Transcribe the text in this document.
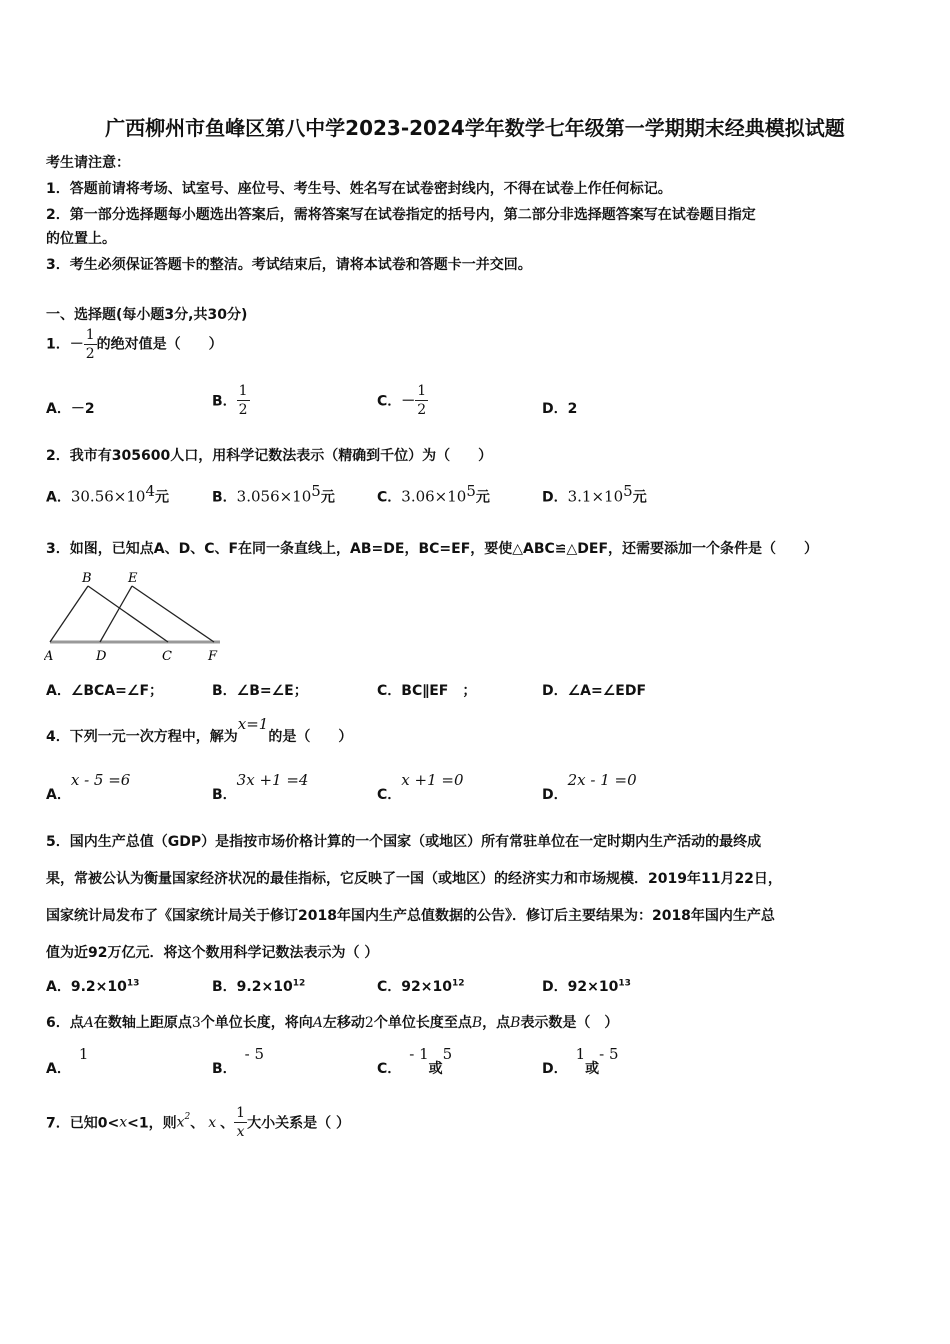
广西柳州市鱼峰区第八中学2023-2024学年数学七年级第一学期期末经典模拟试题
考生请注意：
1．答题前请将考场、试室号、座位号、考生号、姓名写在试卷密封线内，不得在试卷上作任何标记。
2．第一部分选择题每小题选出答案后，需将答案写在试卷指定的括号内，第二部分非选择题答案写在试卷题目指定
的位置上。
3．考生必须保证答题卡的整洁。考试结束后，请将本试卷和答题卡一并交回。
一、选择题(每小题3分,共30分)
1．－ $\frac{1}{2}$ 的绝对值是（　　）
A．－2	B． $\frac{1}{2}$	C．－ $\frac{1}{2}$	D．2
2．我市有305600人口，用科学记数法表示（精确到千位）为（　　）
A．$30.56\times 10^4$元	B．$3.056\times 10^5$元	C．$3.06\times 10^5$元	D．$3.1\times 10^5$元
3．如图，已知点A、D、C、F在同一条直线上，AB=DE，BC=EF，要使△ABC≌△DEF，还需要添加一个条件是（　　）
B	E
A	D	C	F
A．∠BCA=∠F；	B．∠B=∠E；	C．BC∥EF　；	D．∠A=∠EDF
4．下列一元一次方程中，解为x=1的是（　　）
A．x - 5 =6
B．3x +1 =4
C．x +1 =0
D．2x - 1 =0
5．国内生产总值（GDP）是指按市场价格计算的一个国家（或地区）所有常驻单位在一定时期内生产活动的最终成
果，常被公认为衡量国家经济状况的最佳指标，它反映了一国（或地区）的经济实力和市场规模．2019年11月22日，
国家统计局发布了《国家统计局关于修订2018年国内生产总值数据的公告》．修订后主要结果为：2018年国内生产总
值为近92万亿元．将这个数用科学记数法表示为（ ）
A．$9.2\times 10^{13}$	B．$9.2\times 10^{12}$	C．$92\times 10^{12}$	D．$92\times 10^{13}$
6．点A在数轴上距原点3个单位长度，将向A左移动2个单位长度至点B，点B表示数是（　）
A．1
B．- 5
C．- 1或5
D．1或- 5
7．已知0<x<1，则$x^2$、 x 、 $\frac{1}{x}$ 大小关系是（ ）
